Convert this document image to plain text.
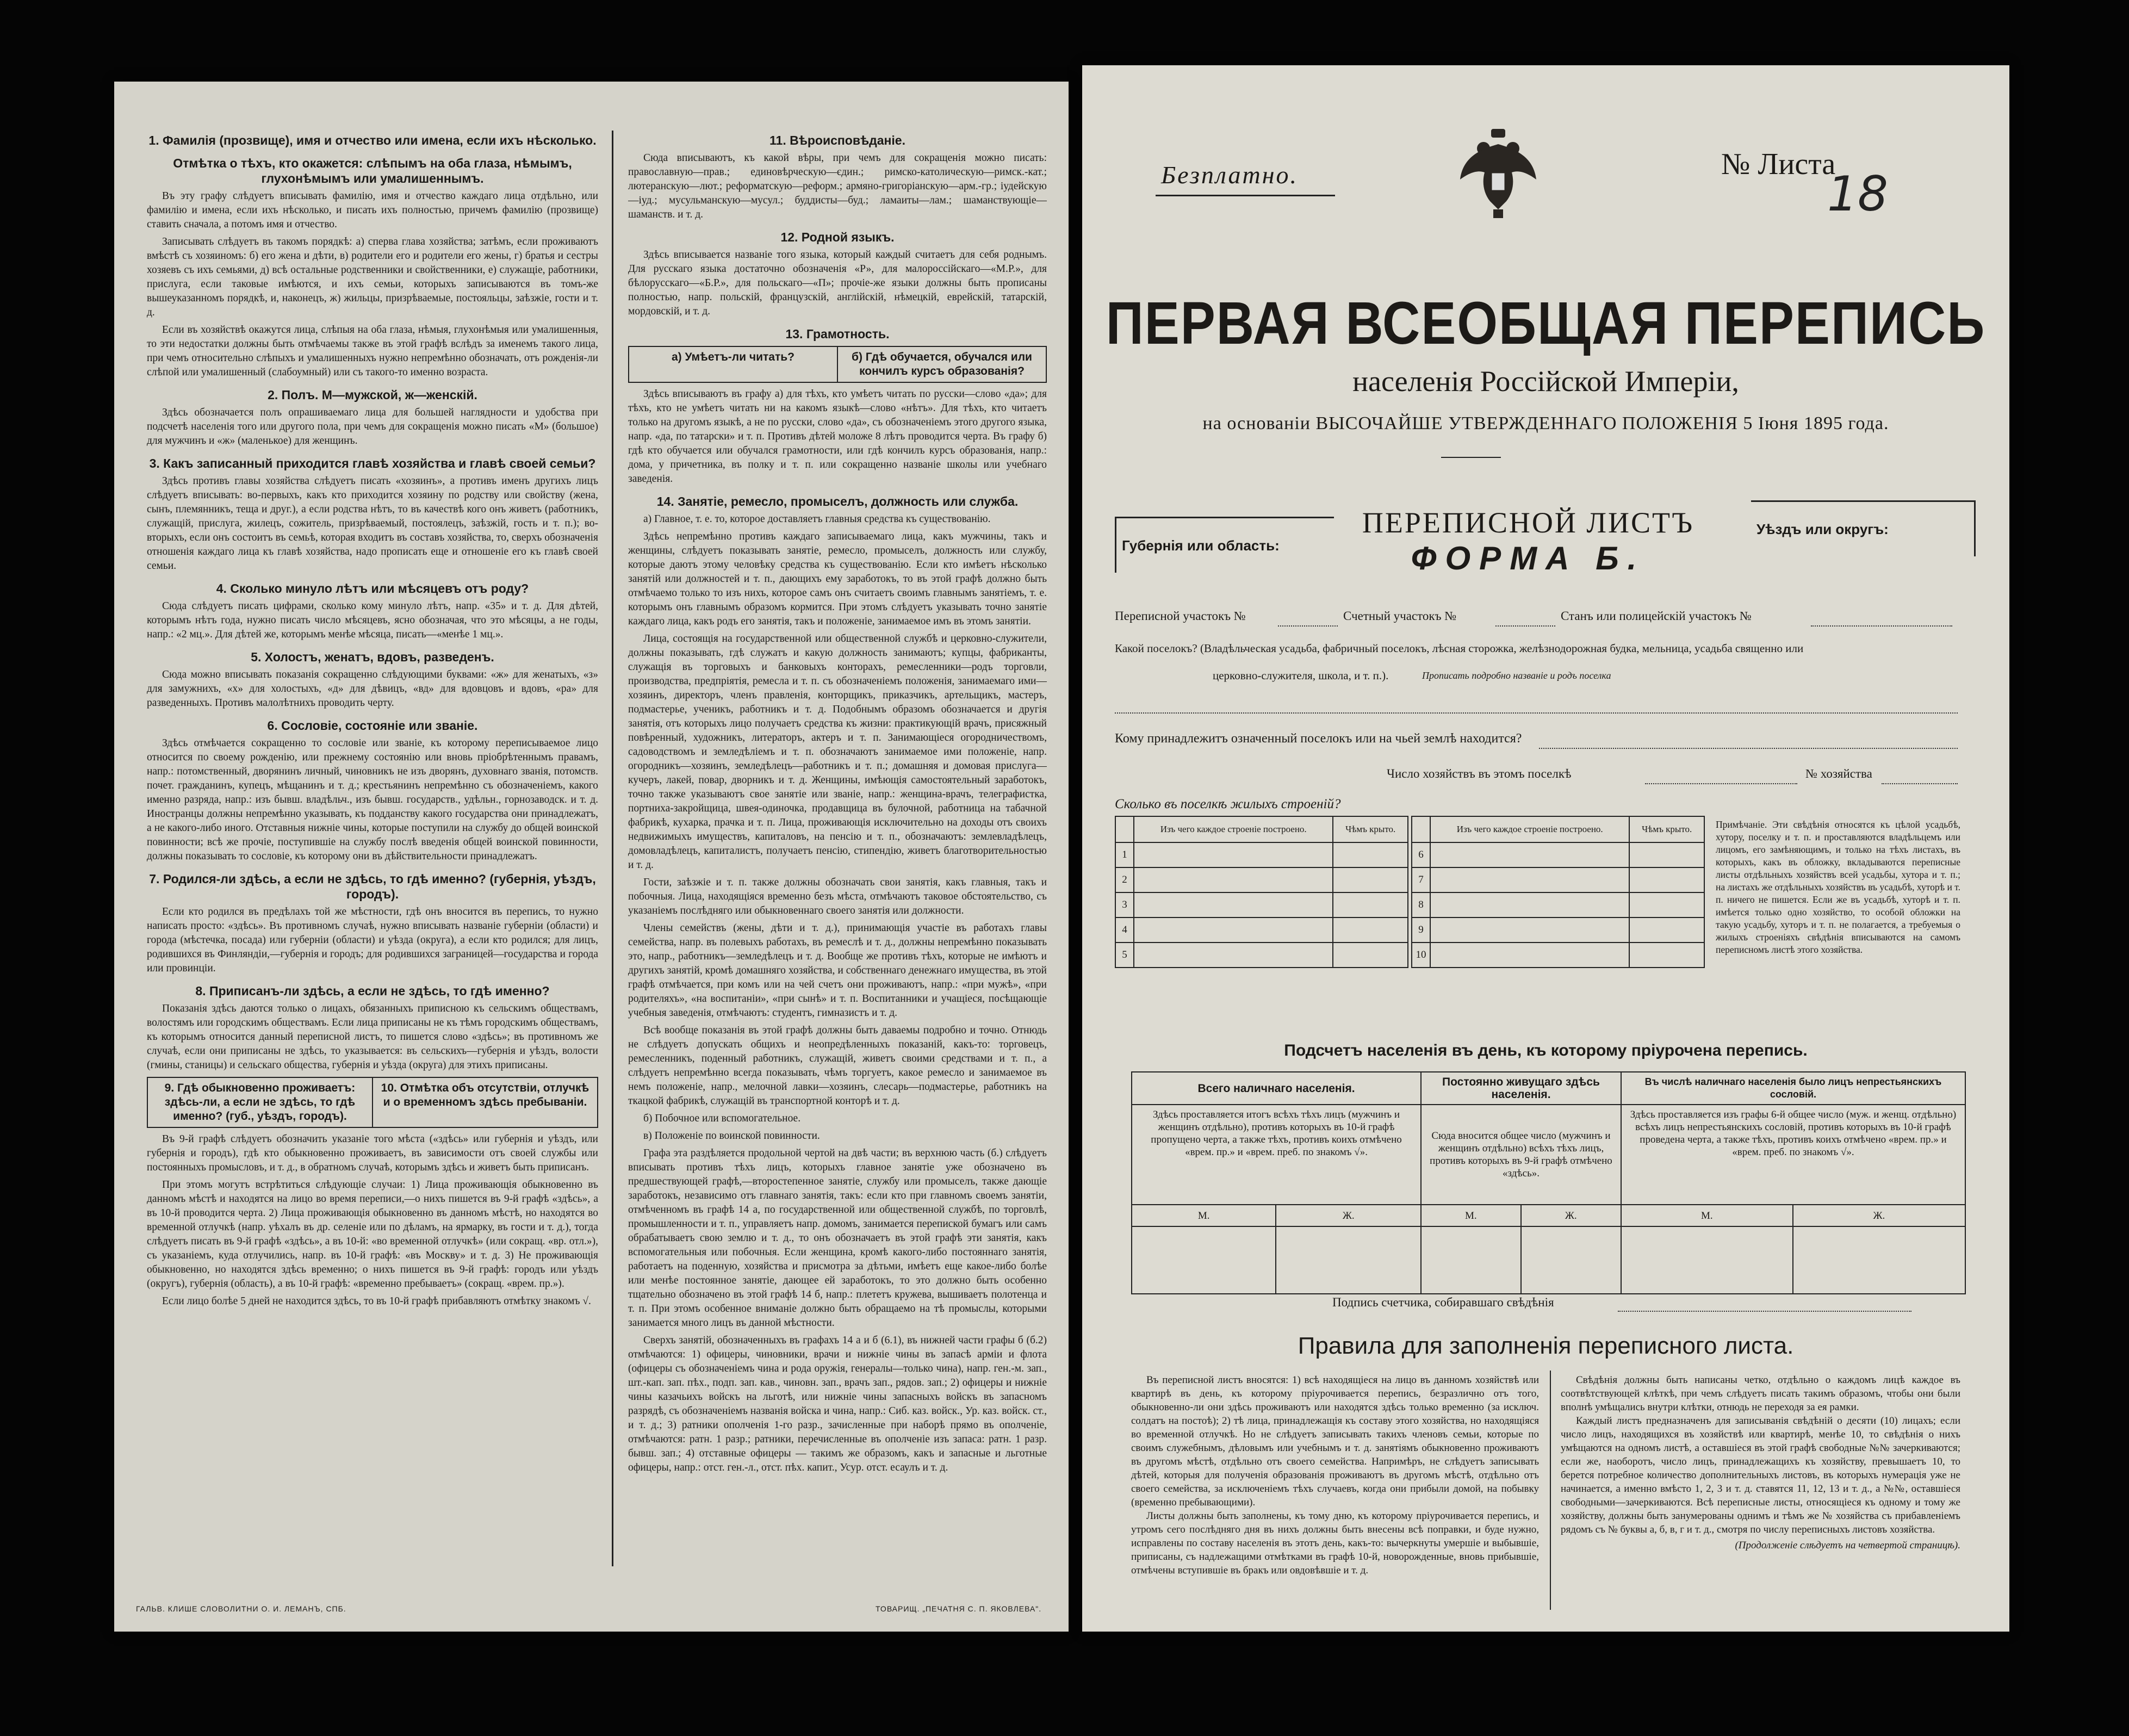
1. Фамилія (прозвище), имя и отчество или имена, если ихъ нѣсколько.
Отмѣтка о тѣхъ, кто окажется: слѣпымъ на оба глаза, нѣмымъ, глухонѣмымъ или умалишеннымъ.

Въ эту графу слѣдуетъ вписывать фамилію, имя и отчество каждаго лица отдѣльно, или фамилію и имена, если ихъ нѣсколько, и писать ихъ полностью, причемъ фамилію (прозвище) ставить сначала, а потомъ имя и отчество.

Записывать слѣдуетъ въ такомъ порядкѣ: а) сперва глава хозяйства; затѣмъ, если проживаютъ вмѣстѣ съ хозяиномъ: б) его жена и дѣти, в) родители его и родители его жены, г) братья и сестры хозяевъ съ ихъ семьями, д) всѣ остальные родственники и свойственники, е) служащіе, работники, прислуга, если таковые имѣются, и ихъ семьи, которыхъ записываются въ томъ-же вышеуказанномъ порядкѣ, и, наконецъ, ж) жильцы, призрѣваемые, постояльцы, заѣзжіе, гости и т. д.

Если въ хозяйствѣ окажутся лица, слѣпыя на оба глаза, нѣмыя, глухонѣмыя или умалишенныя, то эти недостатки должны быть отмѣчаемы также въ этой графѣ вслѣдъ за именемъ такого лица, при чемъ относительно слѣпыхъ и умалишенныхъ нужно непремѣнно обозначать, отъ рожденія-ли слѣпой или умалишенный (слабоумный) или съ такого-то именно возраста.

2. Полъ. М—мужской, ж—женскій.

Здѣсь обозначается полъ опрашиваемаго лица для большей наглядности и удобства при подсчетѣ населенія того или другого пола, при чемъ для сокращенія можно писать «М» (большое) для мужчинъ и «ж» (маленькое) для женщинъ.

3. Какъ записанный приходится главѣ хозяйства и главѣ своей семьи?

Здѣсь противъ главы хозяйства слѣдуетъ писать «хозяинъ», а противъ именъ другихъ лицъ слѣдуетъ вписывать: во-первыхъ, какъ кто приходится хозяину по родству или свойству (жена, сынъ, племянникъ, теща и друг.), а если родства нѣтъ, то въ качествѣ кого онъ живетъ (работникъ, служащій, прислуга, жилецъ, сожитель, призрѣваемый, постоялецъ, заѣзжій, гость и т. п.); во-вторыхъ, если онъ состоитъ въ семьѣ, которая входитъ въ составъ хозяйства, то, сверхъ обозначенія отношенія каждаго лица къ главѣ хозяйства, надо прописать еще и отношеніе его къ главѣ своей семьи.

4. Сколько минуло лѣтъ или мѣсяцевъ отъ роду?

Сюда слѣдуетъ писать цифрами, сколько кому минуло лѣтъ, напр. «35» и т. д. Для дѣтей, которымъ нѣтъ года, нужно писать число мѣсяцевъ, ясно обозначая, что это мѣсяцы, а не годы, напр.: «2 мц.». Для дѣтей же, которымъ менѣе мѣсяца, писать—«менѣе 1 мц.».

5. Холостъ, женатъ, вдовъ, разведенъ.

Сюда можно вписывать показанія сокращенно слѣдующими буквами: «ж» для женатыхъ, «з» для замужнихъ, «х» для холостыхъ, «д» для дѣвицъ, «вд» для вдовцовъ и вдовъ, «ра» для разведенныхъ. Противъ малолѣтнихъ проводить черту.

6. Сословіе, состояніе или званіе.

Здѣсь отмѣчается сокращенно то сословіе или званіе, къ которому переписываемое лицо относится по своему рожденію, или прежнему состоянію или вновь пріобрѣтеннымъ правамъ, напр.: потомственный, дворянинъ личный, чиновникъ не изъ дворянъ, духовнаго званія, потомств. почет. гражданинъ, купецъ, мѣщанинъ и т. д.; крестьянинъ непремѣнно съ обозначеніемъ, какого именно разряда, напр.: изъ бывш. владѣльч., изъ бывш. государств., удѣльн., горнозаводск. и т. д. Иностранцы должны непремѣнно указывать, къ подданству какого государства они принадлежатъ, а не какого-либо иного. Отставныя нижніе чины, которые поступили на службу до общей воинской повинности; всѣ же прочіе, поступившіе на службу послѣ введенія общей воинской повинности, должны показывать то сословіе, къ которому они въ дѣйствительности принадлежатъ.

7. Родился-ли здѣсь, а если не здѣсь, то гдѣ именно? (губернія, уѣздъ, городъ).

Если кто родился въ предѣлахъ той же мѣстности, гдѣ онъ вносится въ перепись, то нужно написать просто: «здѣсь». Въ противномъ случаѣ, нужно вписывать названіе губерніи (области) и города (мѣстечка, посада) или губерніи (области) и уѣзда (округа), а если кто родился; для лицъ, родившихся въ Финляндіи,—губернія и городъ; для родившихся заграницей—государства и города или провинціи.

8. Приписанъ-ли здѣсь, а если не здѣсь, то гдѣ именно?

Показанія здѣсь даются только о лицахъ, обязанныхъ приписною къ сельскимъ обществамъ, волостямъ или городскимъ обществамъ. Если лица приписаны не къ тѣмъ городскимъ обществамъ, къ которымъ относится данный переписной листъ, то пишется слово «здѣсь»; въ противномъ же случаѣ, если они приписаны не здѣсь, то указывается: въ сельскихъ—губернія и уѣздъ, волости (гмины, станицы) и сельскаго общества, губернія и уѣзда (округа) для этихъ приписаны.

9. Гдѣ обыкновенно проживаетъ: здѣсь-ли, а если не здѣсь, то гдѣ именно? (губ., уѣздъ, городъ).
10. Отмѣтка объ отсутствіи, отлучкѣ и о временномъ здѣсь пребываніи.

Въ 9-й графѣ слѣдуетъ обозначить указаніе того мѣста («здѣсь» или губернія и уѣздъ, или губернія и городъ), гдѣ кто обыкновенно проживаетъ, въ зависимости отъ своей службы или постоянныхъ промысловъ, и т. д., в обратномъ случаѣ, которымъ здѣсь и живетъ быть приписанъ.

При этомъ могутъ встрѣтиться слѣдующіе случаи: 1) Лица проживающія обыкновенно въ данномъ мѣстѣ и находятся на лицо во время переписи,—о нихъ пишется въ 9-й графѣ «здѣсь», а въ 10-й проводится черта. 2) Лица проживающія обыкновенно въ данномъ мѣстѣ, но находятся во временной отлучкѣ (напр. уѣхалъ въ др. селеніе или по дѣламъ, на ярмарку, въ гости и т. д.), тогда слѣдуетъ писать въ 9-й графѣ «здѣсь», а въ 10-й: «во временной отлучкѣ» (или сокращ. «вр. отл.»), съ указаніемъ, куда отлучились, напр. въ 10-й графѣ: «въ Москву» и т. д. 3) Не проживающія обыкновенно, но находятся здѣсь временно; о нихъ пишется въ 9-й графѣ: городъ или уѣздъ (округъ), губернія (область), а въ 10-й графѣ: «временно пребываетъ» (сокращ. «врем. пр.»).

Если лицо болѣе 5 дней не находится здѣсь, то въ 10-й графѣ прибавляютъ отмѣтку знакомъ √.

11. Вѣроисповѣданіе.

Сюда вписываютъ, къ какой вѣры, при чемъ для сокращенія можно писать: православную—прав.; единовѣрческую—єдин.; римско-католическую—римск.-кат.; лютеранскую—лют.; реформатскую—реформ.; армяно-григоріанскую—арм.-гр.; іудейскую—іуд.; мусульманскую—мусул.; буддисты—буд.; ламаиты—лам.; шаманствующіе—шаманств. и т. д.

12. Родной языкъ.

Здѣсь вписывается названіе того языка, который каждый считаетъ для себя роднымъ. Для русскаго языка достаточно обозначенія «Р», для малороссійскаго—«М.Р.», для бѣлорусскаго—«Б.Р.», для польскаго—«П»; прочіе-же языки должны быть прописаны полностью, напр. польскій, французскій, англійскій, нѣмецкій, еврейскій, татарскій, мордовскій, и т. д.

13. Грамотность.
а) Умѣетъ-ли читать?	б) Гдѣ обучается, обучался или кончилъ курсъ образованія?

Здѣсь вписываютъ въ графу а) для тѣхъ, кто умѣетъ читать по русски—слово «да»; для тѣхъ, кто не умѣетъ читать ни на какомъ языкѣ—слово «нѣтъ». Для тѣхъ, кто читаетъ только на другомъ языкѣ, а не по русски, слово «да», съ обозначеніемъ этого другого языка, напр. «да, по татарски» и т. п. Противъ дѣтей моложе 8 лѣтъ проводится черта. Въ графу б) гдѣ кто обучается или обучался грамотности, или гдѣ кончилъ курсъ образованія, напр.: дома, у причетника, въ полку и т. п. или сокращенно названіе школы или учебнаго заведенія.

14. Занятіе, ремесло, промыселъ, должность или служба.

а) Главное, т. е. то, которое доставляетъ главныя средства къ существованію.

Здѣсь непремѣнно противъ каждаго записываемаго лица, какъ мужчины, такъ и женщины, слѣдуетъ показывать занятіе, ремесло, промыселъ, должность или службу, которые даютъ этому человѣку средства къ существованію. Если кто имѣетъ нѣсколько занятій или должностей и т. п., дающихъ ему заработокъ, то въ этой графѣ должно быть отмѣчаемо только то изъ нихъ, которое самъ онъ считаетъ своимъ главнымъ занятіемъ, т. е. которымъ онъ главнымъ образомъ кормится. При этомъ слѣдуетъ указывать точно занятіе каждаго лица, какъ родъ его занятія, такъ и положеніе, занимаемое имъ въ этомъ занятіи.

Лица, состоящія на государственной или общественной службѣ и церковно-служители, должны показывать, гдѣ служатъ и какую должность занимаютъ; купцы, фабриканты, служащія въ торговыхъ и банковыхъ конторахъ, ремесленники—родъ торговли, производства, предпріятія, ремесла и т. п. съ обозначеніемъ положенія, занимаемаго ими—хозяинъ, директоръ, членъ правленія, конторщикъ, приказчикъ, артельщикъ, мастеръ, подмастерье, ученикъ, работникъ и т. д. Подобнымъ образомъ обозначается и другія занятія, отъ которыхъ лицо получаетъ средства къ жизни: практикующій врачъ, присяжный повѣренный, художникъ, литераторъ, актеръ и т. п. Занимающіеся огородничествомъ, садоводствомъ и земледѣліемъ и т. п. обозначаютъ занимаемое ими положеніе, напр. огородникъ—хозяинъ, земледѣлецъ—работникъ и т. п.; домашняя и домовая прислуга—кучеръ, лакей, повар, дворникъ и т. д. Женщины, имѣющія самостоятельный заработокъ, точно также указываютъ свое занятіе или званіе, напр.: женщина-врачъ, телеграфистка, портниха-закройщица, швея-одиночка, продавщица въ булочной, работница на табачной фабрикѣ, кухарка, прачка и т. п. Лица, проживающія исключительно на доходы отъ своихъ недвижимыхъ имуществъ, капиталовъ, на пенсію и т. п., обозначаютъ: землевладѣлецъ, домовладѣлецъ, капиталистъ, получаетъ пенсію, стипендію, живетъ благотворительностью и т. д.

Гости, заѣзжіе и т. п. также должны обозначать свои занятія, какъ главныя, такъ и побочныя. Лица, находящіяся временно безъ мѣста, отмѣчаютъ таковое обстоятельство, съ указаніемъ послѣдняго или обыкновеннаго своего занятія или должности.

Члены семействъ (жены, дѣти и т. д.), принимающія участіе въ работахъ главы семейства, напр. въ полевыхъ работахъ, въ ремеслѣ и т. д., должны непремѣнно показывать это, напр., работникъ—земледѣлецъ и т. д. Вообще же противъ тѣхъ, которые не имѣютъ и другихъ занятій, кромѣ домашняго хозяйства, и собственнаго денежнаго имущества, въ этой графѣ отмѣчается, при комъ или на чей счетъ они проживаютъ, напр.: «при мужѣ», «при родителяхъ», «на воспитаніи», «при сынѣ» и т. п. Воспитанники и учащіеся, посѣщающіе учебныя заведенія, отмѣчаютъ: студентъ, гимназистъ и т. д.

Всѣ вообще показанія въ этой графѣ должны быть даваемы подробно и точно. Отнюдь не слѣдуетъ допускать общихъ и неопредѣленныхъ показаній, какъ-то: торговецъ, ремесленникъ, поденный работникъ, служащій, живетъ своими средствами и т. п., а слѣдуетъ непремѣнно всегда показывать, чѣмъ торгуетъ, какое ремесло и занимаемое въ немъ положеніе, напр., мелочной лавки—хозяинъ, слесарь—подмастерье, работникъ на ткацкой фабрикѣ, служащій въ транспортной конторѣ и т. д.

б) Побочное или вспомогательное.

в) Положеніе по воинской повинности.

Графа эта раздѣляется продольной чертой на двѣ части; въ верхнюю часть (б.) слѣдуетъ вписывать противъ тѣхъ лицъ, которыхъ главное занятіе уже обозначено въ предшествующей графѣ,—второстепенное занятіе, службу или промыселъ, также дающіе заработокъ, независимо отъ главнаго занятія, такъ: если кто при главномъ своемъ занятіи, отмѣченномъ въ графѣ 14 а, по государственной или общественной службѣ, по торговлѣ, промышленности и т. п., управляетъ напр. домомъ, занимается перепиской бумагъ или самъ обрабатываетъ свою землю и т. д., то онъ обозначаетъ въ этой графѣ эти занятія, какъ вспомогательныя или побочныя. Если женщина, кромѣ какого-либо постояннаго занятія, работаетъ на поденную, хозяйства и присмотра за дѣтьми, имѣетъ еще какое-либо болѣе или менѣе постоянное занятіе, дающее ей заработокъ, то это должно быть особенно тщательно обозначено въ этой графѣ 14 б, напр.: плететъ кружева, вышиваетъ полотенца и т. п. При этомъ особенное вниманіе должно быть обращаемо на тѣ промыслы, которыми занимается много лицъ въ данной мѣстности.

Сверхъ занятій, обозначенныхъ въ графахъ 14 а и б (6.1), въ нижней части графы б (б.2) отмѣчаются: 1) офицеры, чиновники, врачи и нижніе чины въ запасѣ армiи и флота (офицеры съ обозначеніемъ чина и рода оружія, генералы—только чина), напр. ген.-м. зап., шт.-кап. зап. пѣх., подп. зап. кав., чиновн. зап., врачъ зап., рядов. зап.; 2) офицеры и нижніе чины казачьихъ войскъ на льготѣ, или нижніе чины запасныхъ войскъ въ запасномъ разрядѣ, съ обозначеніемъ названія войска и чина, напр.: Сиб. каз. войск., Ур. каз. войск. ст., и т. д.; 3) ратники ополченія 1-го разр., зачисленные при наборѣ прямо въ ополченіе, отмѣчаются: ратн. 1 разр.; ратники, перечисленные въ ополченіе изъ запаса: ратн. 1 разр. бывш. зап.; 4) отставные офицеры — такимъ же образомъ, какъ и запасные и льготные офицеры, напр.: отст. ген.-л., отст. пѣх. капит., Усур. отст. есаулъ и т. д.

ГАЛЬВ. КЛИШЕ СЛОВОЛИТНИ О. И. ЛЕМАНЪ, СПБ.	ТОВАРИЩ. „ПЕЧАТНЯ С. П. ЯКОВЛЕВА".
Безплатно.	№ Листа
18
ПЕРВАЯ ВСЕОБЩАЯ ПЕРЕПИСЬ
населенія Россійской Имперіи,
на основаніи ВЫСОЧАЙШЕ УТВЕРЖДЕННАГО ПОЛОЖЕНІЯ 5 Іюня 1895 года.
Губернія или область:
Уѣздъ или округъ:
ПЕРЕПИСНОЙ ЛИСТЪ
ФОРМА Б.
Переписной участокъ №	Счетный участокъ №	Станъ или полицейскій участокъ №
Какой поселокъ? (Владѣльческая усадьба, фабричный поселокъ, лѣсная сторожка, желѣзнодорожная будка, мельница, усадьба священно или
церковно-служителя, школа, и т. п.).	Прописать подробно названіе и родъ поселка
Кому принадлежитъ означенный поселокъ или на чьей землѣ находится?
Число хозяйствъ въ этомъ поселкѣ	№ хозяйства
Сколько въ поселкѣ жилыхъ строеній?
	Изъ чего каждое строеніе построено.	Чѣмъ крыто.
1		
2		
3		
4		
5		
	Изъ чего каждое строеніе построено.	Чѣмъ крыто.
6		
7		
8		
9		
10		
Примѣчаніе. Эти свѣдѣнія относятся къ цѣлой усадьбѣ, хутору, поселку и т. п. и проставляются владѣльцемъ или лицомъ, его замѣняющимъ, и только на тѣхъ листахъ, въ которыхъ, какъ въ обложку, вкладываются переписные листы отдѣльныхъ хозяйствъ всей усадьбы, хутора и т. п.; на листахъ же отдѣльныхъ хозяйствъ въ усадьбѣ, хуторѣ и т. п. ничего не пишется. Если же въ усадьбѣ, хуторѣ и т. п. имѣется только одно хозяйство, то особой обложки на такую усадьбу, хуторъ и т. п. не полагается, а требуемыя о жилыхъ строеніяхъ свѣдѣнія вписываются на самомъ переписномъ листѣ этого хозяйства.
Подсчетъ населенія въ день, къ которому пріурочена перепись.
Всего наличнаго населенія.		Постоянно живущаго здѣсь населенія.		Въ числѣ наличнаго населенія было лицъ непрестьянскихъ сословій.	
Здѣсь проставляется итогъ всѣхъ тѣхъ лицъ (мужчинъ и женщинъ отдѣльно), противъ которыхъ въ 10-й графѣ пропущено черта, а также тѣхъ, противъ коихъ отмѣчено «врем. пр.» и «врем. преб. по знакомъ √».		Сюда вносится общее число (мужчинъ и женщинъ отдѣльно) всѣхъ тѣхъ лицъ, противъ которыхъ въ 9-й графѣ отмѣчено «здѣсь».		Здѣсь проставляется изъ графы 6-й общее число (муж. и женщ. отдѣльно) всѣхъ лицъ непрестьянскихъ сословій, противъ которыхъ въ 10-й графѣ проведена черта, а также тѣхъ, противъ коихъ отмѣчено «врем. пр.» и «врем. преб. по знакомъ √».	
М.	Ж.	М.	Ж.	М.	Ж.

Подпись счетчика, собиравшаго свѣдѣнія
Правила для заполненія переписного листа.

Въ переписной листъ вносятся: 1) всѣ находящіеся на лицо въ данномъ хозяйствѣ или квартирѣ въ день, къ которому пріурочивается перепись, безразлично отъ того, обыкновенно-ли они здѣсь проживаютъ или находятся здѣсь только временно (за исключ. солдатъ на постоѣ); 2) тѣ лица, принадлежащія къ составу этого хозяйства, но находящіяся во временной отлучкѣ. Но не слѣдуетъ записывать такихъ членовъ семьи, которые по своимъ служебнымъ, дѣловымъ или учебнымъ и т. д. занятіямъ обыкновенно проживаютъ въ другомъ мѣстѣ, отдѣльно отъ своего семейства. Напримѣръ, не слѣдуетъ записывать дѣтей, которыя для полученія образованія проживаютъ въ другомъ мѣстѣ, отдѣльно отъ своего семейства, за исключеніемъ тѣхъ случаевъ, когда они прибыли домой, на побывку (временно пребывающими).

Листы должны быть заполнены, къ тому дню, къ которому пріурочивается перепись, и утромъ сего послѣдняго дня въ нихъ должны быть внесены всѣ поправки, и буде нужно, исправлены по составу населенія въ этотъ день, какъ-то: вычеркнуты умершіе и выбывшіе, приписаны, съ надлежащими отмѣтками въ графѣ 10-й, новорожденные, вновь прибывшіе, отмѣчены вступившіе въ бракъ или овдовѣвшіе и т. д.

Свѣдѣнія должны быть написаны четко, отдѣльно о каждомъ лицѣ каждое въ соотвѣтствующей клѣткѣ, при чемъ слѣдуетъ писать такимъ образомъ, чтобы они были вполнѣ умѣщались внутри клѣтки, отнюдь не переходя за ея рамки.

Каждый листъ предназначенъ для записыванія свѣдѣній о десяти (10) лицахъ; если число лицъ, находящихся въ хозяйствѣ или квартирѣ, менѣе 10, то свѣдѣнія о нихъ умѣщаются на одномъ листѣ, а оставшіеся въ этой графѣ свободные №№ зачеркиваются; если же, наоборотъ, число лицъ, принадлежащихъ къ хозяйству, превышаетъ 10, то берется потребное количество дополнительныхъ листовъ, въ которыхъ нумерація уже не начинается, а именно вмѣсто 1, 2, 3 и т. д. ставятся 11, 12, 13 и т. д., а №№, оставшіеся свободными—зачеркиваются. Всѣ переписные листы, относящіеся къ одному и тому же хозяйству, должны быть занумерованы однимъ и тѣмъ же № хозяйства съ прибавленіемъ рядомъ съ № буквы а, б, в, г и т. д., смотря по числу переписныхъ листовъ хозяйства.

(Продолженіе слѣдуетъ на четвертой страницѣ).
